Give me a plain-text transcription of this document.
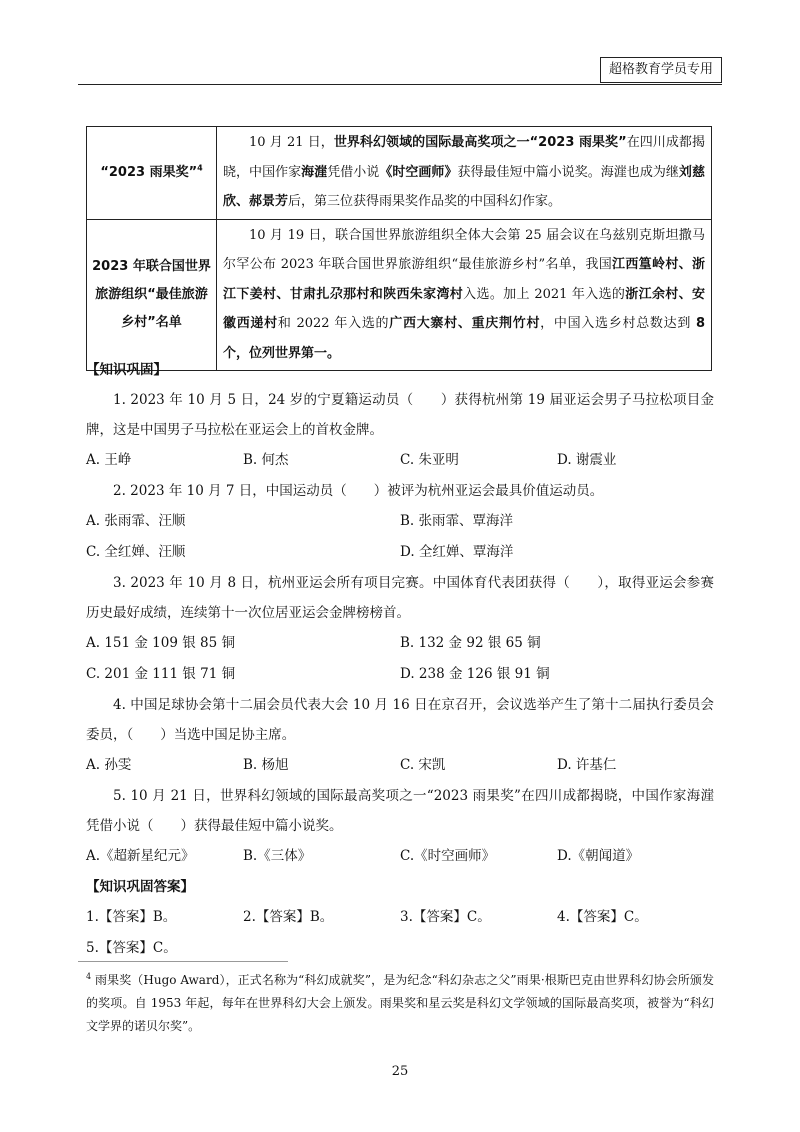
超格教育学员专用
“2023 雨果奖”$^4$	10 月 21 日，世界科幻领域的国际最高奖项之一“2023 雨果奖”在四川成都揭晓，中国作家海漄凭借小说《时空画师》获得最佳短中篇小说奖。海漄也成为继刘慈欣、郝景芳后，第三位获得雨果奖作品奖的中国科幻作家。
2023 年联合国世界旅游组织“最佳旅游乡村”名单	10 月 19 日，联合国世界旅游组织全体大会第 25 届会议在乌兹别克斯坦撒马尔罕公布 2023 年联合国世界旅游组织“最佳旅游乡村”名单，我国江西篁岭村、浙江下姜村、甘肃扎尕那村和陕西朱家湾村入选。加上 2021 年入选的浙江余村、安徽西递村和 2022 年入选的广西大寨村、重庆荆竹村，中国入选乡村总数达到 8 个，位列世界第一。
【知识巩固】
1. 2023 年 10 月 5 日，24 岁的宁夏籍运动员（　　）获得杭州第 19 届亚运会男子马拉松项目金牌，这是中国男子马拉松在亚运会上的首枚金牌。
A. 王峥	B. 何杰	C. 朱亚明	D. 谢震业
2. 2023 年 10 月 7 日，中国运动员（　　）被评为杭州亚运会最具价值运动员。
A. 张雨霏、汪顺	B. 张雨霏、覃海洋
C. 全红婵、汪顺	D. 全红婵、覃海洋
3. 2023 年 10 月 8 日，杭州亚运会所有项目完赛。中国体育代表团获得（　　），取得亚运会参赛历史最好成绩，连续第十一次位居亚运会金牌榜榜首。
A. 151 金 109 银 85 铜	B. 132 金 92 银 65 铜
C. 201 金 111 银 71 铜	D. 238 金 126 银 91 铜
4. 中国足球协会第十二届会员代表大会 10 月 16 日在京召开，会议选举产生了第十二届执行委员会委员，（　　）当选中国足协主席。
A. 孙雯	B. 杨旭	C. 宋凯	D. 许基仁
5. 10 月 21 日，世界科幻领域的国际最高奖项之一“2023 雨果奖”在四川成都揭晓，中国作家海漄凭借小说（　　）获得最佳短中篇小说奖。
A.《超新星纪元》	B.《三体》	C.《时空画师》	D.《朝闻道》
【知识巩固答案】
1.【答案】B。	2.【答案】B。	3.【答案】C。	4.【答案】C。
5.【答案】C。
$^4$ 雨果奖（Hugo Award），正式名称为“科幻成就奖”，是为纪念“科幻杂志之父”雨果·根斯巴克由世界科幻协会所颁发的奖项。自 1953 年起，每年在世界科幻大会上颁发。雨果奖和星云奖是科幻文学领域的国际最高奖项，被誉为“科幻文学界的诺贝尔奖”。
25
